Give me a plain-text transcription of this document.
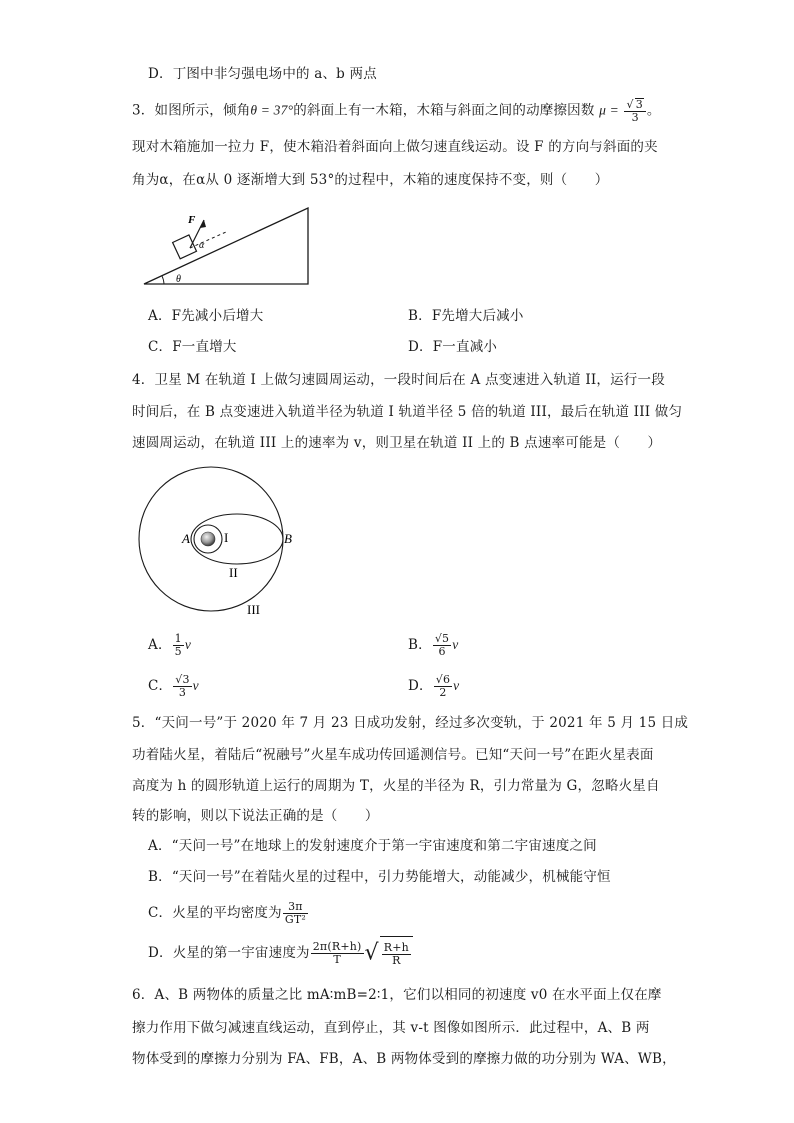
D．丁图中非匀强电场中的 a、b 两点
3．如图所示，倾角θ = 37°的斜面上有一木箱，木箱与斜面之间的动摩擦因数 $\mu = \frac{√ 3}{3}$ 。
现对木箱施加一拉力 F，使木箱沿着斜面向上做匀速直线运动。设 F 的方向与斜面的夹
角为α，在α从 0 逐渐增大到 53°的过程中，木箱的速度保持不变，则（　　）
F
α
θ
A．F先减小后增大	B．F先增大后减小
C．F一直增大	D．F一直减小
4．卫星 M 在轨道 I 上做匀速圆周运动，一段时间后在 A 点变速进入轨道 II，运行一段
时间后，在 B 点变速进入轨道半径为轨道 I 轨道半径 5 倍的轨道 III，最后在轨道 III 做匀
速圆周运动，在轨道 III 上的速率为 v，则卫星在轨道 II 上的 B 点速率可能是（　　）
A	I	B
II
III
A． $\frac{1}{5}$ v	B． $\frac{√5}{6}$ v
C． $\frac{√3}{3}$ v	D． $\frac{√6}{2}$ v
5．“天问一号”于 2020 年 7 月 23 日成功发射，经过多次变轨，于 2021 年 5 月 15 日成
功着陆火星，着陆后“祝融号”火星车成功传回遥测信号。已知“天问一号”在距火星表面
高度为 h 的圆形轨道上运行的周期为 T，火星的半径为 R，引力常量为 G，忽略火星自
转的影响，则以下说法正确的是（　　）
A．“天问一号”在地球上的发射速度介于第一宇宙速度和第二宇宙速度之间
B．“天问一号”在着陆火星的过程中，引力势能增大，动能减少，机械能守恒
C．火星的平均密度为 $\frac{3\pi}{\text{GT²}}$
D．火星的第一宇宙速度为 $\frac{2\pi(R+h)}{T}$ √ $\frac{R+h}{R}$
6．A、B 两物体的质量之比 mA∶mB=2∶1，它们以相同的初速度 v0 在水平面上仅在摩
擦力作用下做匀减速直线运动，直到停止，其 v-t 图像如图所示．此过程中，A、B 两
物体受到的摩擦力分别为 FA、FB，A、B 两物体受到的摩擦力做的功分别为 WA、WB，
